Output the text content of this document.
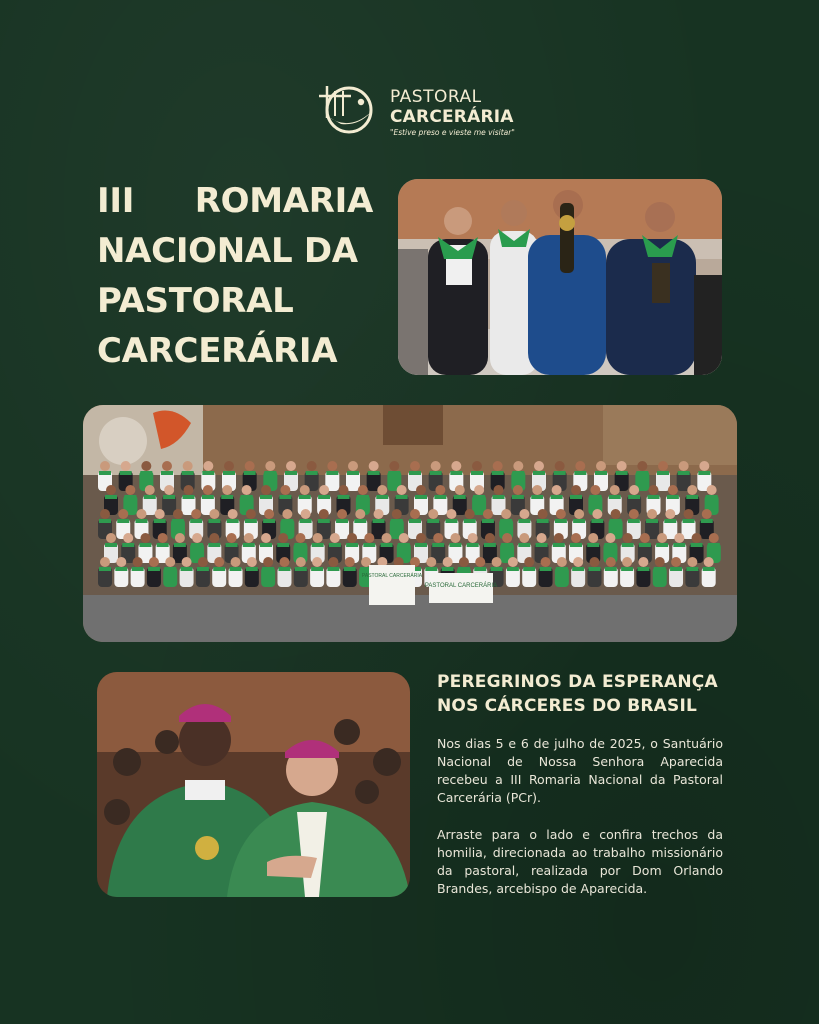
PASTORAL
CARCERÁRIA
"Estive preso e vieste me visitar"
III ROMARIA
NACIONAL DA
PASTORAL
CARCERÁRIA
PASTORAL CARCERÁRIA
PASTORAL CARCERÁRIA
PEREGRINOS DA ESPERANÇA
NOS CÁRCERES DO BRASIL
Nos dias 5 e 6 de julho de 2025, o Santuário Nacional de Nossa Senhora Aparecida recebeu a III Romaria Nacional da Pastoral Carcerária (PCr).
Arraste para o lado e confira trechos da homilia, direcionada ao trabalho missionário da pastoral, realizada por Dom Orlando Brandes, arcebispo de Aparecida.
